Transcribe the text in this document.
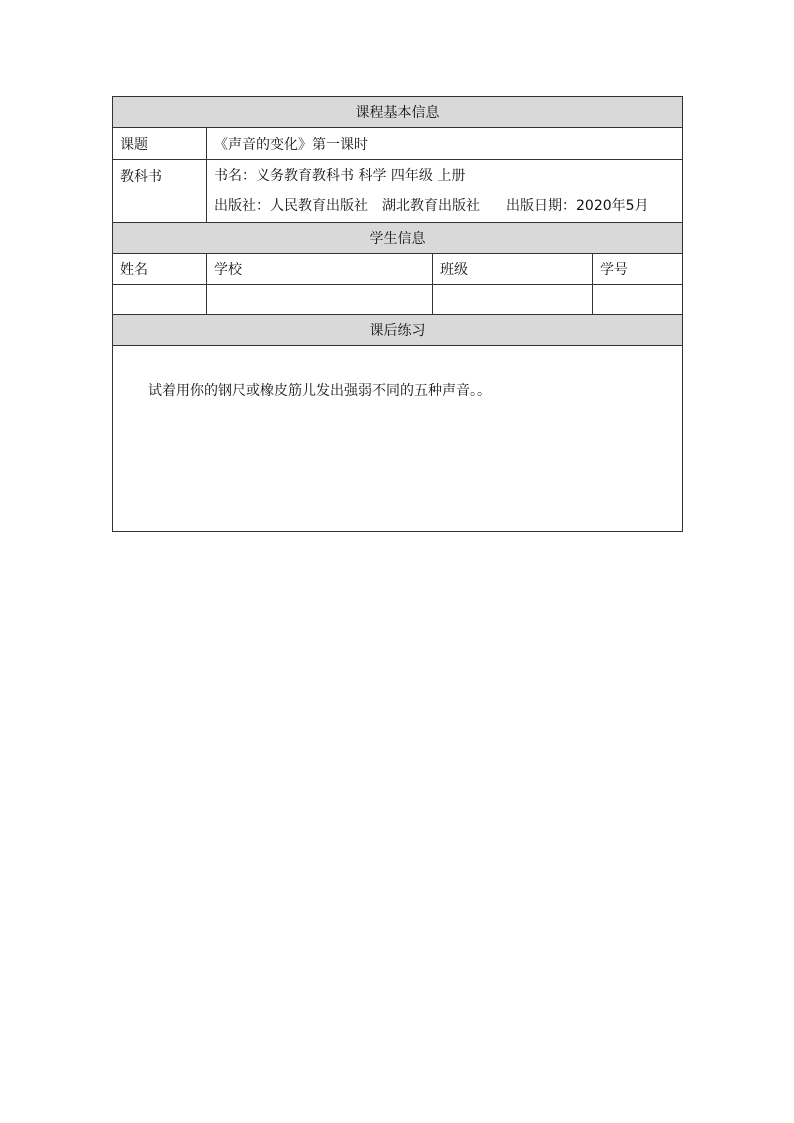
课程基本信息			
课题	《声音的变化》第一课时		
教科书	书名：义务教育教科书 科学 四年级 上册
出版社：人民教育出版社 湖北教育出版社 出版日期：2020年5月		

学生信息			
姓名	学校	班级	学号

课后练习			

试着用你的钢尺或橡皮筋儿发出强弱不同的五种声音。。			
